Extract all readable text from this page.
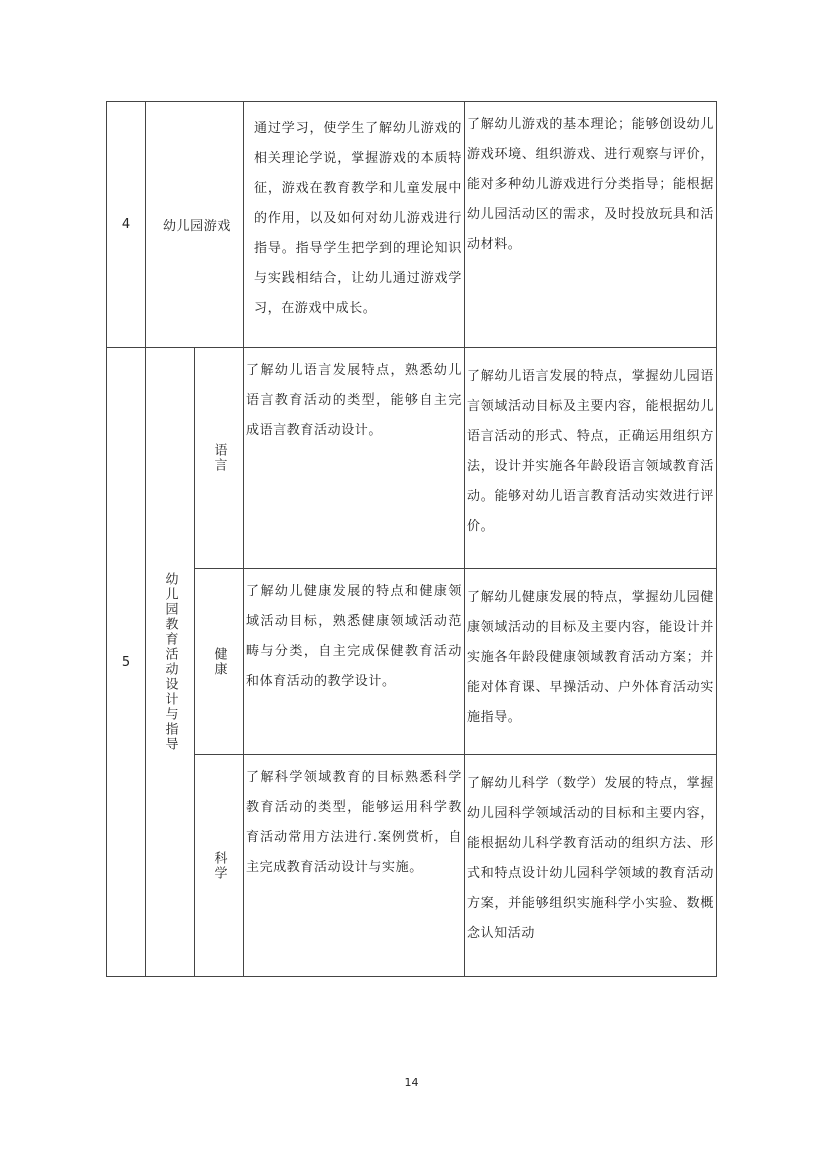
4	幼儿园游戏
通过学习，使学生了解幼儿游戏的相关理论学说，掌握游戏的本质特征，游戏在教育教学和儿童发展中的作用，以及如何对幼儿游戏进行指导。指导学生把学到的理论知识与实践相结合，让幼儿通过游戏学习，在游戏中成长。
了解幼儿游戏的基本理论；能够创设幼儿游戏环境、组织游戏、进行观察与评价，能对多种幼儿游戏进行分类指导；能根据幼儿园活动区的需求，及时投放玩具和活动材料。
5	幼儿园教育活动设计与指导
语言
了解幼儿语言发展特点，熟悉幼儿语言教育活动的类型，能够自主完成语言教育活动设计。
了解幼儿语言发展的特点，掌握幼儿园语言领域活动目标及主要内容，能根据幼儿语言活动的形式、特点，正确运用组织方法，设计并实施各年龄段语言领域教育活动。能够对幼儿语言教育活动实效进行评价。
健康
了解幼儿健康发展的特点和健康领域活动目标，熟悉健康领域活动范畴与分类，自主完成保健教育活动和体育活动的教学设计。
了解幼儿健康发展的特点，掌握幼儿园健康领域活动的目标及主要内容，能设计并实施各年龄段健康领域教育活动方案；并能对体育课、早操活动、户外体育活动实施指导。
科学
了解科学领域教育的目标熟悉科学教育活动的类型，能够运用科学教育活动常用方法进行.案例赏析，自主完成教育活动设计与实施。
了解幼儿科学（数学）发展的特点，掌握幼儿园科学领域活动的目标和主要内容，能根据幼儿科学教育活动的组织方法、形式和特点设计幼儿园科学领域的教育活动方案，并能够组织实施科学小实验、数概念认知活动
14
